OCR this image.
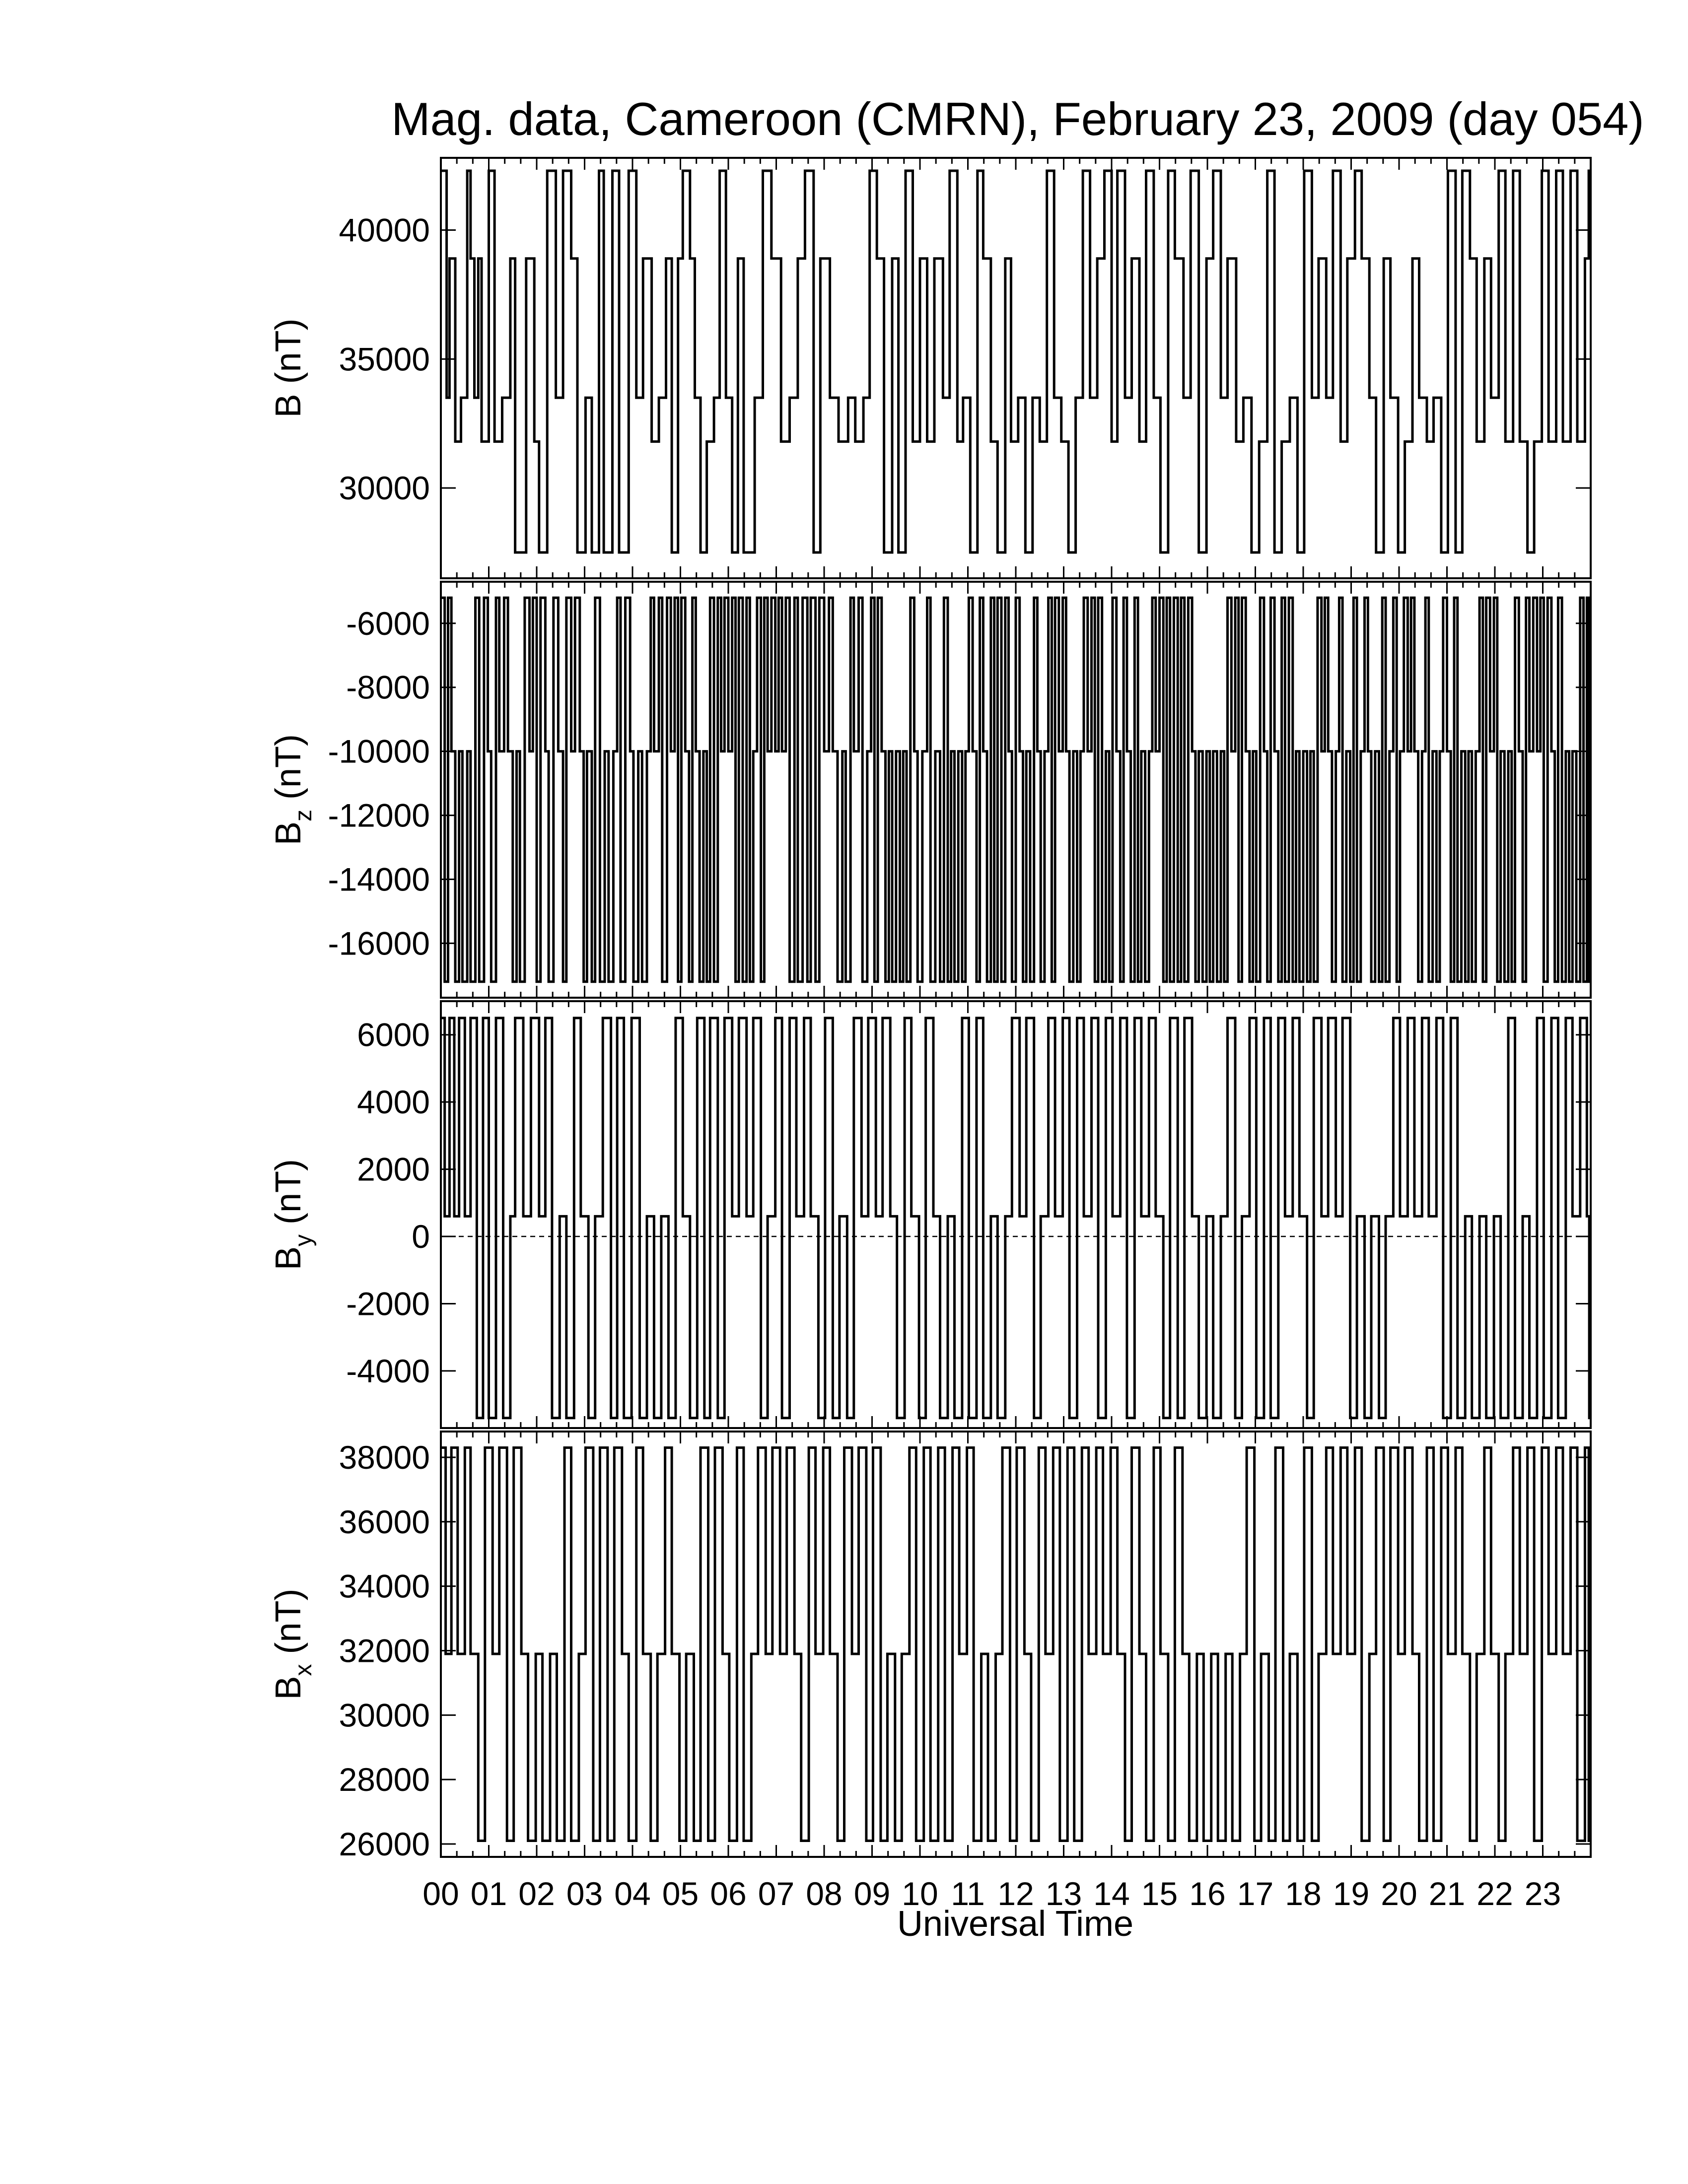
Mag. data, Cameroon (CMRN), February 23, 2009 (day 054)
30000
35000
40000
B (nT)
-16000
-14000
-12000
-10000
-8000
-6000
$B_z$ (nT)
-4000
-2000
0
2000
4000
6000
$B_y$ (nT)
26000
28000
30000
32000
34000
36000
38000
$B_x$ (nT)
00 01 02 03 04 05 06 07 08 09 10 11 12 13 14 15 16 17 18 19 20 21 22 23
Universal Time
